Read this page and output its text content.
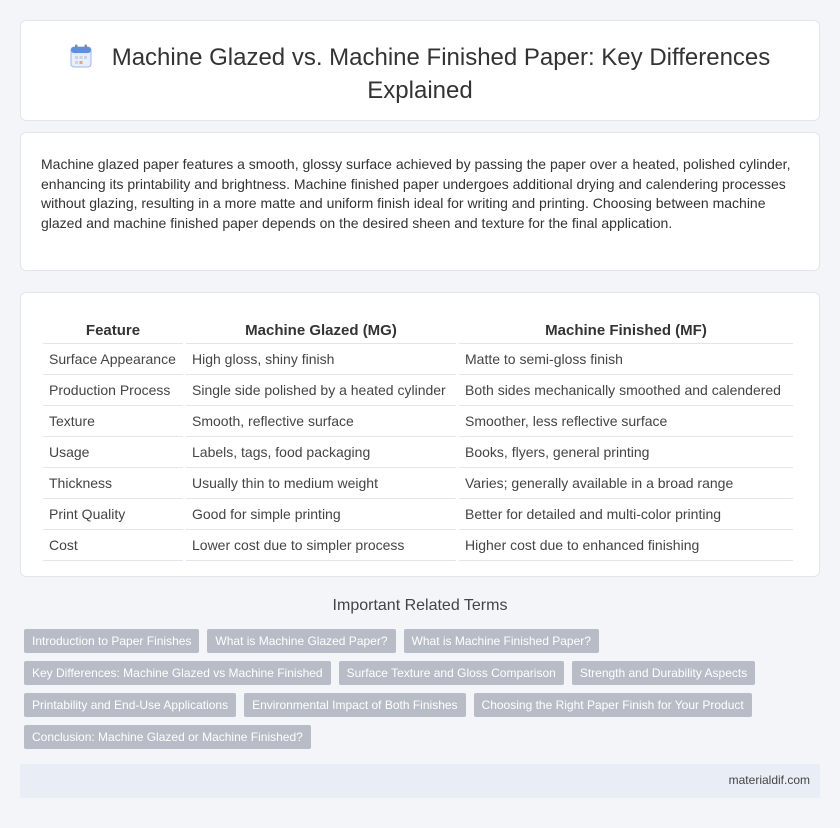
Machine Glazed vs. Machine Finished Paper: Key Differences Explained

Machine glazed paper features a smooth, glossy surface achieved by passing the paper over a heated, polished cylinder, enhancing its printability and brightness. Machine finished paper undergoes additional drying and calendering processes without glazing, resulting in a more matte and uniform finish ideal for writing and printing. Choosing between machine glazed and machine finished paper depends on the desired sheen and texture for the final application.

Feature	Machine Glazed (MG)	Machine Finished (MF)
Surface Appearance	High gloss, shiny finish	Matte to semi-gloss finish
Production Process	Single side polished by a heated cylinder	Both sides mechanically smoothed and calendered
Texture	Smooth, reflective surface	Smoother, less reflective surface
Usage	Labels, tags, food packaging	Books, flyers, general printing
Thickness	Usually thin to medium weight	Varies; generally available in a broad range
Print Quality	Good for simple printing	Better for detailed and multi-color printing
Cost	Lower cost due to simpler process	Higher cost due to enhanced finishing
Important Related Terms
Introduction to Paper Finishes	What is Machine Glazed Paper?	What is Machine Finished Paper?
Key Differences: Machine Glazed vs Machine Finished	Surface Texture and Gloss Comparison	Strength and Durability Aspects
Printability and End-Use Applications	Environmental Impact of Both Finishes	Choosing the Right Paper Finish for Your Product
Conclusion: Machine Glazed or Machine Finished?
materialdif.com
